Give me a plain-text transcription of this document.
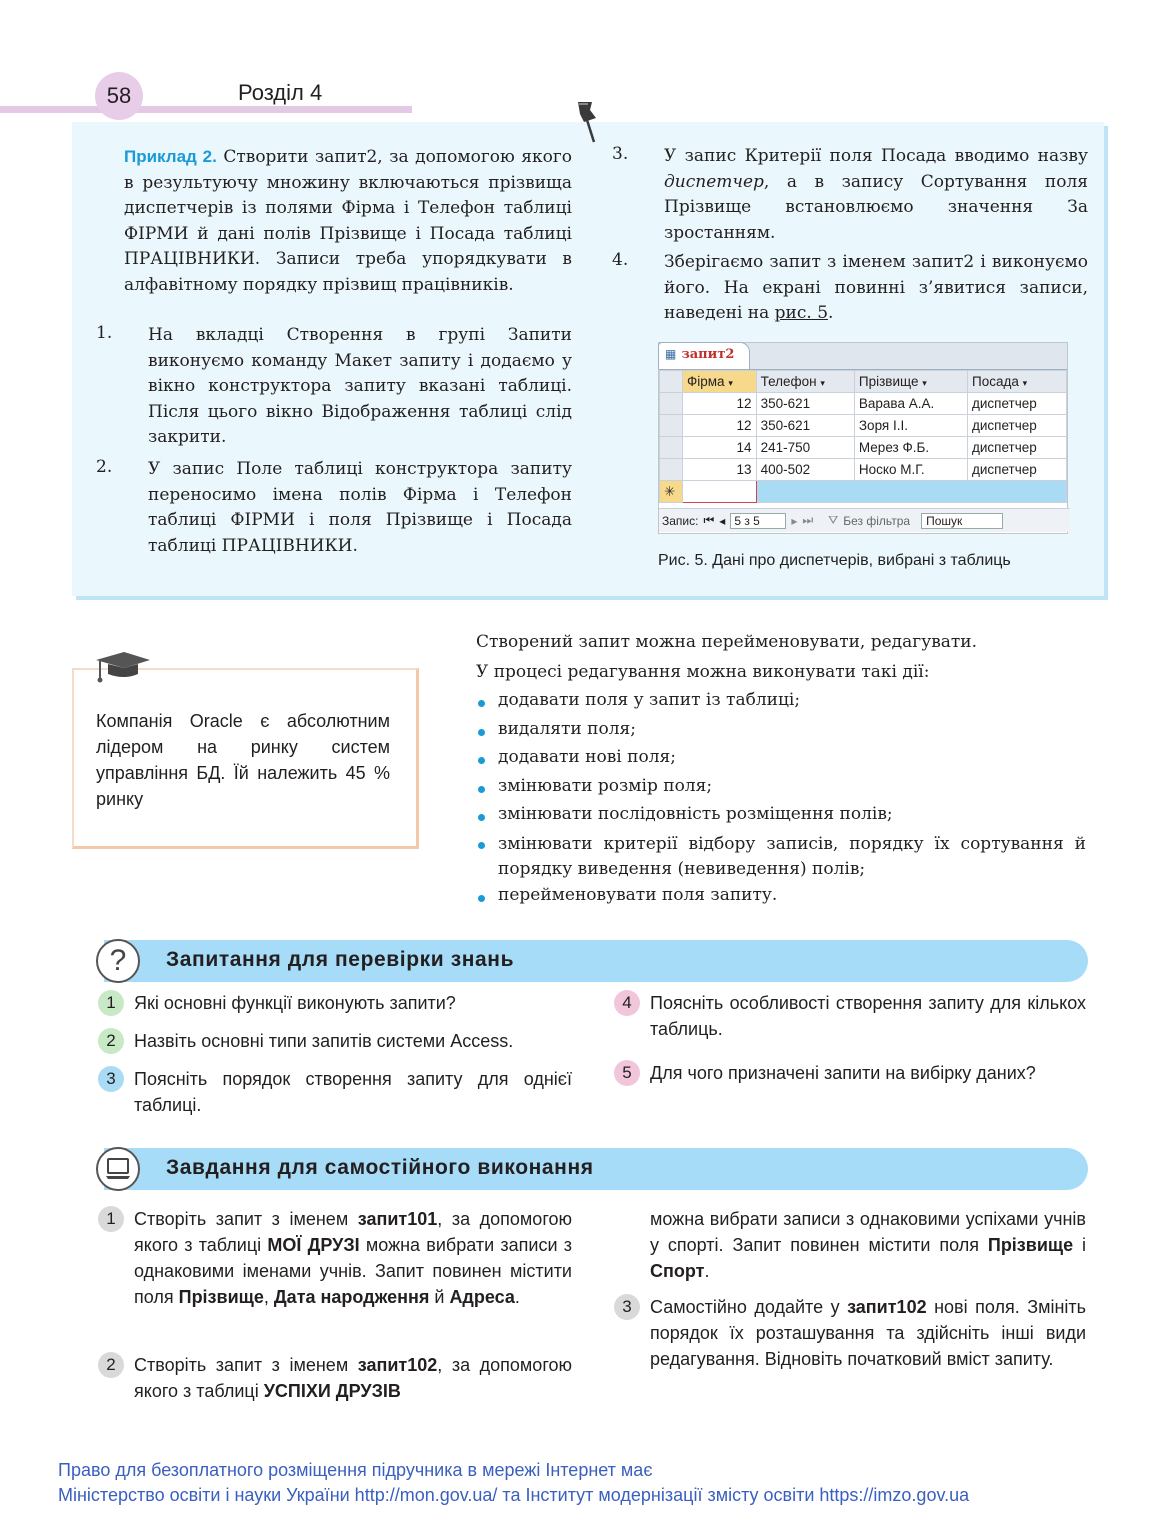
58	Розділ 4
Приклад 2. Створити запит2, за допомогою якого в результуючу множину включаються прізвища диспетчерів із полями Фірма і Телефон таблиці ФІРМИ й дані полів Прізвище і Посада таблиці ПРАЦІВНИКИ. Записи треба упорядкувати в алфавітному порядку прізвищ працівників.
1. На вкладці Створення в групі Запити виконуємо команду Макет запиту і додаємо у вікно конструктора запиту вказані таблиці. Після цього вікно Відображення таблиці слід закрити.
2. У запис Поле таблиці конструктора запиту переносимо імена полів Фірма і Телефон таблиці ФІРМИ і поля Прізвище і Посада таблиці ПРАЦІВНИКИ.
3. У запис Критерії поля Посада вводимо назву диспетчер, а в запису Сортування поля Прізвище встановлюємо значення За зростанням.
4. Зберігаємо запит з іменем запит2 і виконуємо його. На екрані повинні з’явитися записи, наведені на рис. 5.
	Фірма ▾	Телефон ▾	Прізвище ▾	Посада ▾
	12	350-621	Варава А.А.	диспетчер
	12	350-621	Зоря І.І.	диспетчер
	14	241-750	Мерез Ф.Б.	диспетчер
	13	400-502	Носко М.Г.	диспетчер
✳				
Запис: ⏮ ◂ 5 з 5	▸ ⏭ ⛛ Без фільтра	Пошук
▦ запит2
Рис. 5. Дані про диспетчерів, вибрані з таблиць
Компанія Oracle є абсолютним лідером на ринку систем управління БД. Їй належить 45 % ринку
Створений запит можна перейменовувати, редагувати.
У процесі редагування можна виконувати такі дії:
додавати поля у запит із таблиці;
видаляти поля;
додавати нові поля;
змінювати розмір поля;
змінювати послідовність розміщення полів;
змінювати критерії відбору записів, порядку їх сортування й порядку виведення (невиведення) полів;
перейменовувати поля запиту.
?	Запитання для перевірки знань
1	Які основні функції виконують запити?
2	Назвіть основні типи запитів системи Access.
3	Поясніть порядок створення запиту для однієї таблиці.
4	Поясніть особливості створення запиту для кількох таблиць.
5	Для чого призначені запити на вибірку даних?
Завдання для самостійного виконання
1	Створіть запит з іменем запит101, за допомогою якого з таблиці МОЇ ДРУЗІ можна вибрати записи з однаковими іменами учнів. Запит повинен містити поля Прізвище, Дата народження й Адреса.
2	Створіть запит з іменем запит102, за допомогою якого з таблиці УСПІХИ ДРУЗІВ
можна вибрати записи з однаковими успіхами учнів у спорті. Запит повинен містити поля Прізвище і Спорт.
3	Самостійно додайте у запит102 нові поля. Змініть порядок їх розташування та здійсніть інші види редагування. Відновіть початковий вміст запиту.
Право для безоплатного розміщення підручника в мережі Інтернет має
Міністерство освіти і науки України http://mon.gov.ua/ та Інститут модернізації змісту освіти https://imzo.gov.ua
